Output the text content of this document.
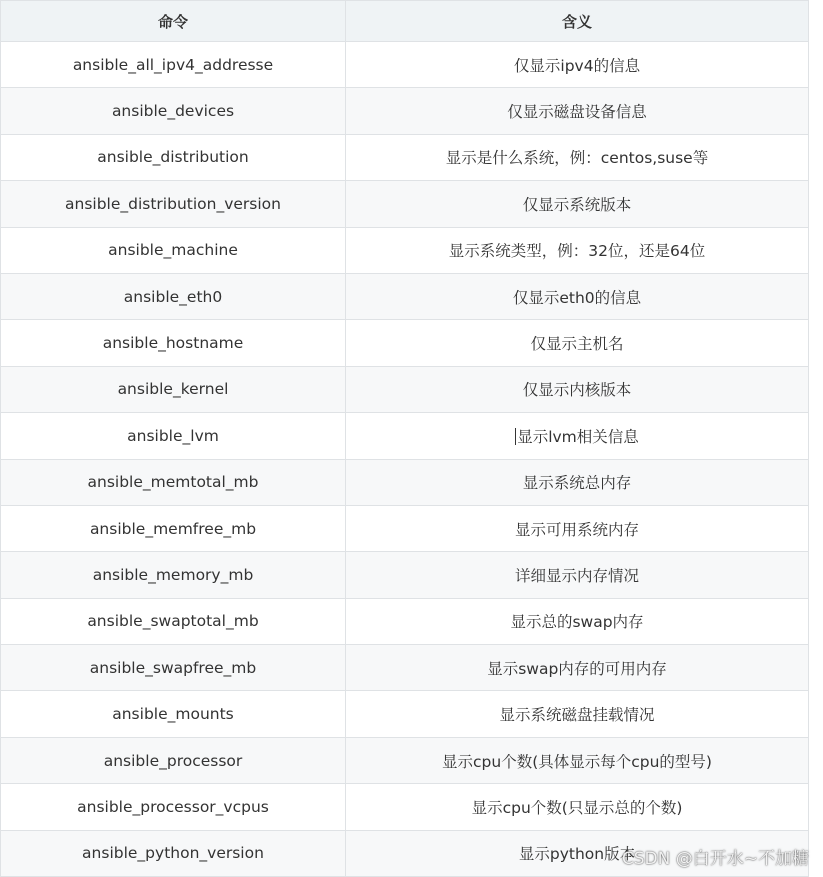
命令	含义
ansible_all_ipv4_addresse	仅显示ipv4的信息
ansible_devices	仅显示磁盘设备信息
ansible_distribution	显示是什么系统，例：centos,suse等
ansible_distribution_version	仅显示系统版本
ansible_machine	显示系统类型，例：32位，还是64位
ansible_eth0	仅显示eth0的信息
ansible_hostname	仅显示主机名
ansible_kernel	仅显示内核版本
ansible_lvm	显示lvm相关信息
ansible_memtotal_mb	显示系统总内存
ansible_memfree_mb	显示可用系统内存
ansible_memory_mb	详细显示内存情况
ansible_swaptotal_mb	显示总的swap内存
ansible_swapfree_mb	显示swap内存的可用内存
ansible_mounts	显示系统磁盘挂载情况
ansible_processor	显示cpu个数(具体显示每个cpu的型号)
ansible_processor_vcpus	显示cpu个数(只显示总的个数)
ansible_python_version	显示python版本
CSDN @白开水~不加糖
